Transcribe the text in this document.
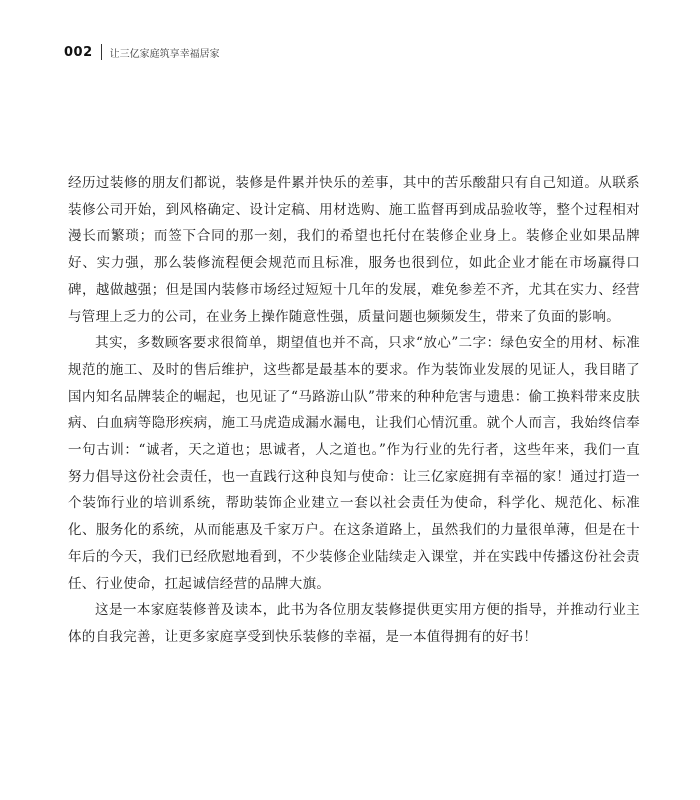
002 让三亿家庭筑享幸福居家

经历过装修的朋友们都说，装修是件累并快乐的差事，其中的苦乐酸甜只有自己知道。从联系装修公司开始，到风格确定、设计定稿、用材选购、施工监督再到成品验收等，整个过程相对漫长而繁琐；而签下合同的那一刻，我们的希望也托付在装修企业身上。装修企业如果品牌好、实力强，那么装修流程便会规范而且标准，服务也很到位，如此企业才能在市场赢得口碑，越做越强；但是国内装修市场经过短短十几年的发展，难免参差不齐，尤其在实力、经营与管理上乏力的公司，在业务上操作随意性强，质量问题也频频发生，带来了负面的影响。

其实，多数顾客要求很简单，期望值也并不高，只求“放心”二字：绿色安全的用材、标准规范的施工、及时的售后维护，这些都是最基本的要求。作为装饰业发展的见证人，我目睹了国内知名品牌装企的崛起，也见证了“马路游山队”带来的种种危害与遗患：偷工换料带来皮肤病、白血病等隐形疾病，施工马虎造成漏水漏电，让我们心情沉重。就个人而言，我始终信奉一句古训：“诚者，天之道也；思诚者，人之道也。”作为行业的先行者，这些年来，我们一直努力倡导这份社会责任，也一直践行这种良知与使命：让三亿家庭拥有幸福的家！通过打造一个装饰行业的培训系统，帮助装饰企业建立一套以社会责任为使命，科学化、规范化、标准化、服务化的系统，从而能惠及千家万户。在这条道路上，虽然我们的力量很单薄，但是在十年后的今天，我们已经欣慰地看到，不少装修企业陆续走入课堂，并在实践中传播这份社会责任、行业使命，扛起诚信经营的品牌大旗。

这是一本家庭装修普及读本，此书为各位朋友装修提供更实用方便的指导，并推动行业主体的自我完善，让更多家庭享受到快乐装修的幸福，是一本值得拥有的好书！
